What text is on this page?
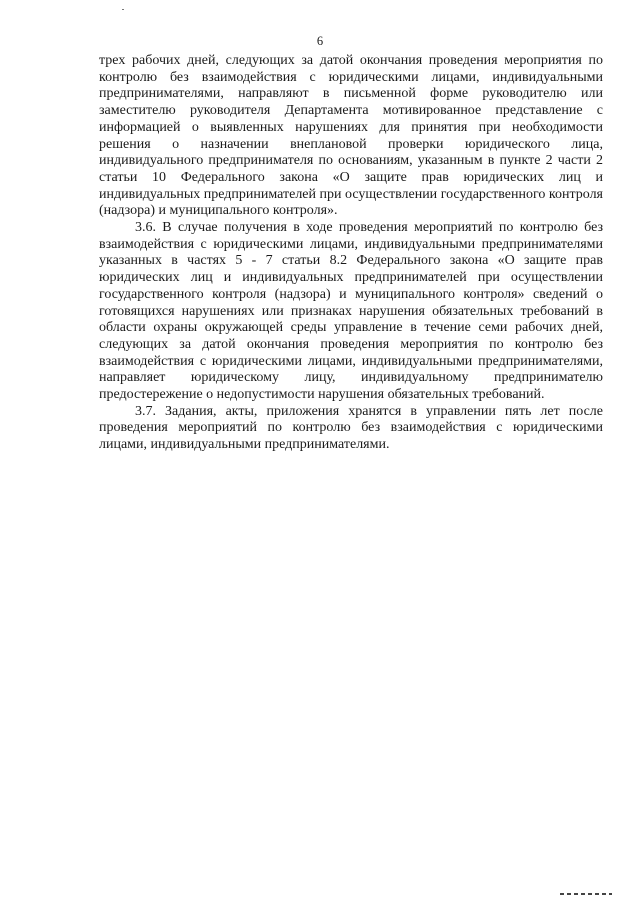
6

трех рабочих дней, следующих за датой окончания проведения мероприятия по контролю без взаимодействия с юридическими лицами, индивидуальными предпринимателями, направляют в письменной форме руководителю или заместителю руководителя Департамента мотивированное представление с информацией о выявленных нарушениях для принятия при необходимости решения о назначении внеплановой проверки юридического лица, индивидуального предпринимателя по основаниям, указанным в пункте 2 части 2 статьи 10 Федерального закона «О защите прав юридических лиц и индивидуальных предпринимателей при осуществлении государственного контроля (надзора) и муниципального контроля».

3.6. В случае получения в ходе проведения мероприятий по контролю без взаимодействия с юридическими лицами, индивидуальными предпринимателями указанных в частях 5 - 7 статьи 8.2 Федерального закона «О защите прав юридических лиц и индивидуальных предпринимателей при осуществлении государственного контроля (надзора) и муниципального контроля» сведений о готовящихся нарушениях или признаках нарушения обязательных требований в области охраны окружающей среды управление в течение семи рабочих дней, следующих за датой окончания проведения мероприятия по контролю без взаимодействия с юридическими лицами, индивидуальными предпринимателями, направляет юридическому лицу, индивидуальному предпринимателю предостережение о недопустимости нарушения обязательных требований.

3.7. Задания, акты, приложения хранятся в управлении пять лет после проведения мероприятий по контролю без взаимодействия с юридическими лицами, индивидуальными предпринимателями.
